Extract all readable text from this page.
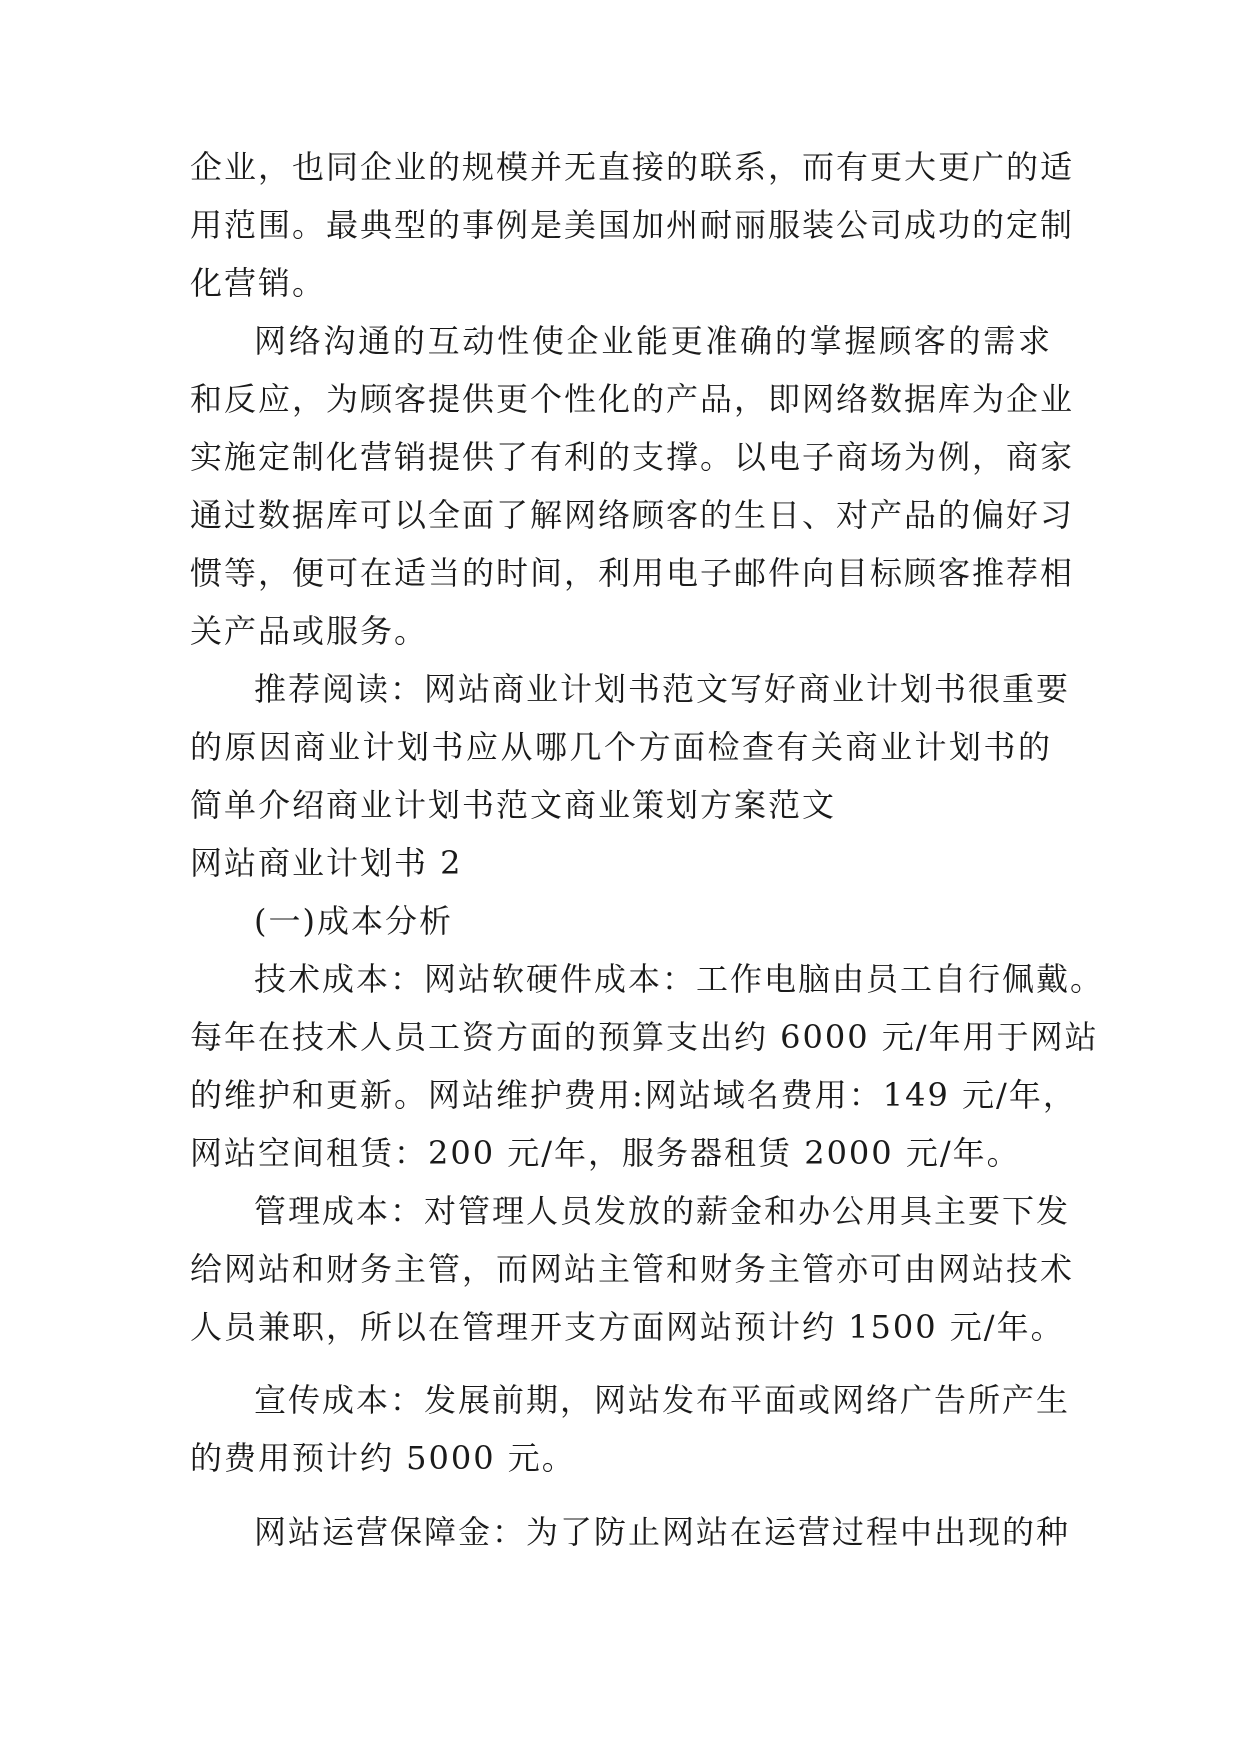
企业，也同企业的规模并无直接的联系，而有更大更广的适
用范围。最典型的事例是美国加州耐丽服装公司成功的定制
化营销。
网络沟通的互动性使企业能更准确的掌握顾客的需求
和反应，为顾客提供更个性化的产品，即网络数据库为企业
实施定制化营销提供了有利的支撑。以电子商场为例，商家
通过数据库可以全面了解网络顾客的生日、对产品的偏好习
惯等，便可在适当的时间，利用电子邮件向目标顾客推荐相
关产品或服务。
推荐阅读：网站商业计划书范文写好商业计划书很重要
的原因商业计划书应从哪几个方面检查有关商业计划书的
简单介绍商业计划书范文商业策划方案范文
网站商业计划书 2
(一)成本分析
技术成本：网站软硬件成本：工作电脑由员工自行佩戴。
每年在技术人员工资方面的预算支出约 6000 元/年用于网站
的维护和更新。网站维护费用:网站域名费用：149 元/年，
网站空间租赁：200 元/年，服务器租赁 2000 元/年。
管理成本：对管理人员发放的薪金和办公用具主要下发
给网站和财务主管，而网站主管和财务主管亦可由网站技术
人员兼职，所以在管理开支方面网站预计约 1500 元/年。
宣传成本：发展前期，网站发布平面或网络广告所产生
的费用预计约 5000 元。
网站运营保障金：为了防止网站在运营过程中出现的种
